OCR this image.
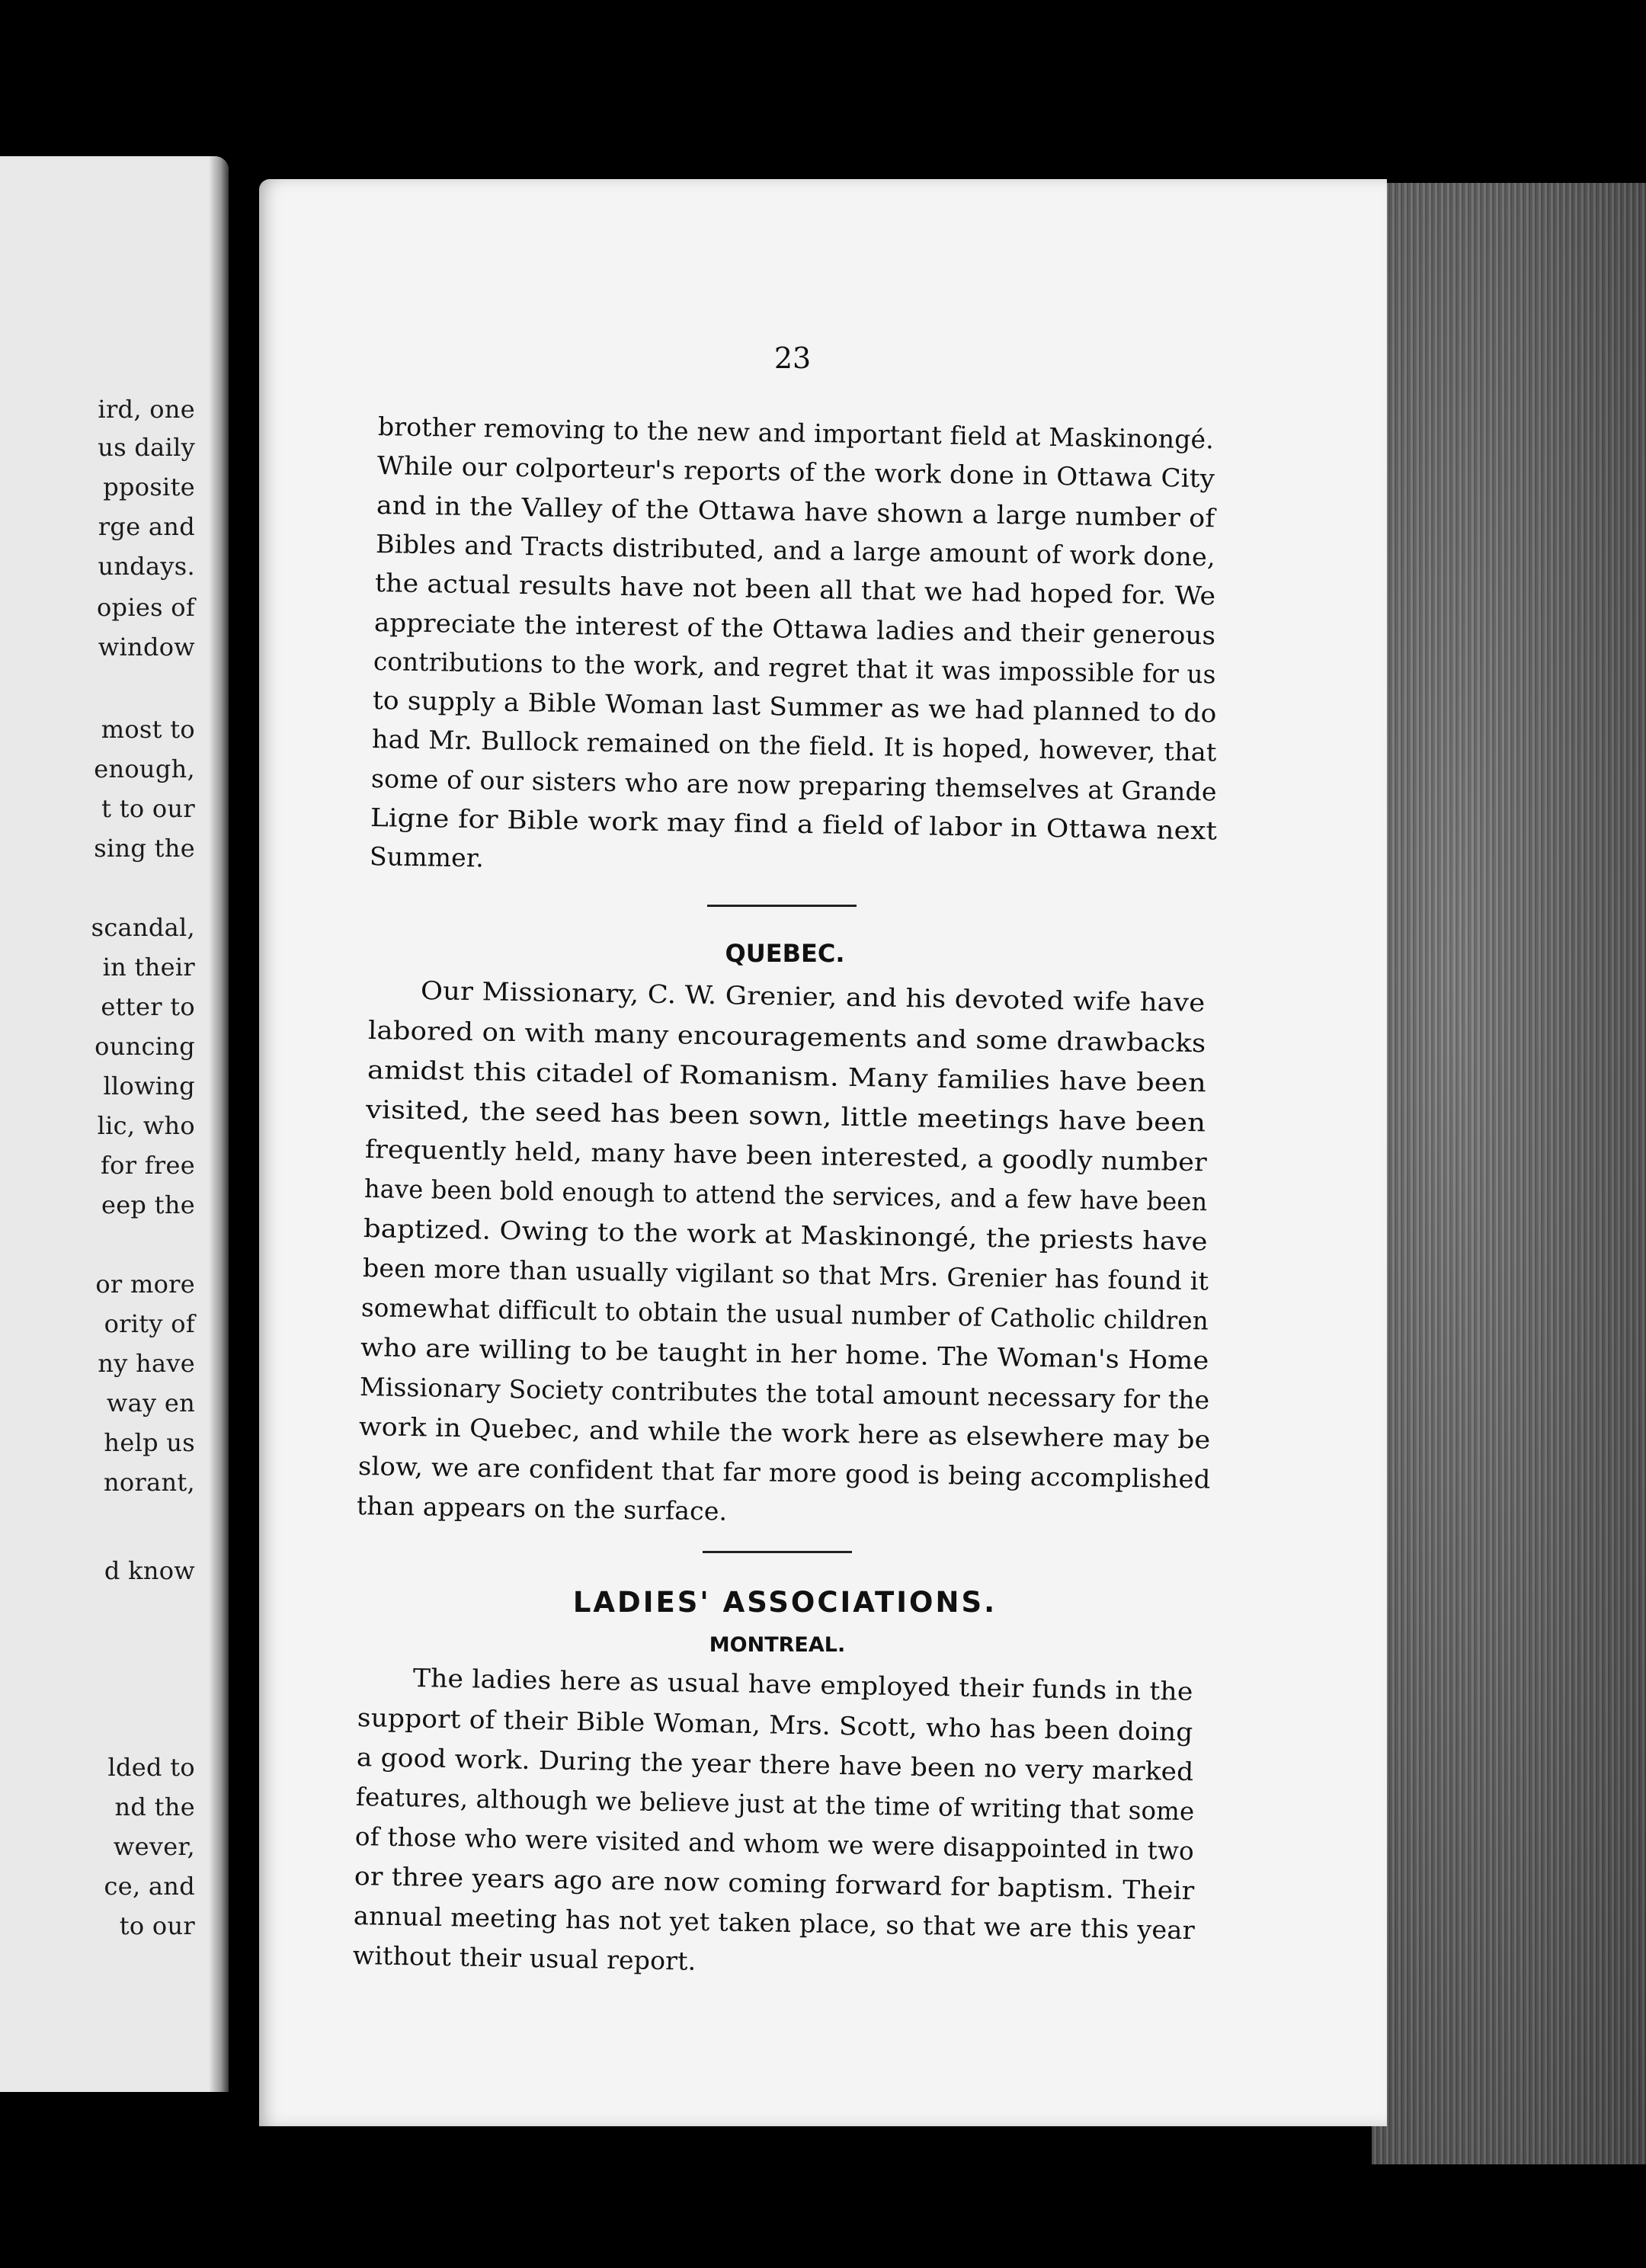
ird, one
us daily
pposite
rge and
undays.
opies of
window
most to
enough,
t to our
sing the
scandal,
in their
etter to
ouncing
llowing
lic, who
for free
eep the
or more
ority of
ny have
way en
help us
norant,
d know
lded to
nd the
wever,
ce, and
to our
23
brother removing to the new and important field at Maskinongé.
While our colporteur's reports of the work done in Ottawa City
and in the Valley of the Ottawa have shown a large number of
Bibles and Tracts distributed, and a large amount of work done,
the actual results have not been all that we had hoped for. We
appreciate the interest of the Ottawa ladies and their generous
contributions to the work, and regret that it was impossible for us
to supply a Bible Woman last Summer as we had planned to do
had Mr. Bullock remained on the field. It is hoped, however, that
some of our sisters who are now preparing themselves at Grande
Ligne for Bible work may find a field of labor in Ottawa next
Summer.
Our Missionary, C. W. Grenier, and his devoted wife have
labored on with many encouragements and some drawbacks
amidst this citadel of Romanism. Many families have been
visited, the seed has been sown, little meetings have been
frequently held, many have been interested, a goodly number
have been bold enough to attend the services, and a few have been
baptized. Owing to the work at Maskinongé, the priests have
been more than usually vigilant so that Mrs. Grenier has found it
somewhat difficult to obtain the usual number of Catholic children
who are willing to be taught in her home. The Woman's Home
Missionary Society contributes the total amount necessary for the
work in Quebec, and while the work here as elsewhere may be
slow, we are confident that far more good is being accomplished
than appears on the surface.
The ladies here as usual have employed their funds in the
support of their Bible Woman, Mrs. Scott, who has been doing
a good work. During the year there have been no very marked
features, although we believe just at the time of writing that some
of those who were visited and whom we were disappointed in two
or three years ago are now coming forward for baptism. Their
annual meeting has not yet taken place, so that we are this year
without their usual report.
QUEBEC.
LADIES' ASSOCIATIONS.
MONTREAL.
